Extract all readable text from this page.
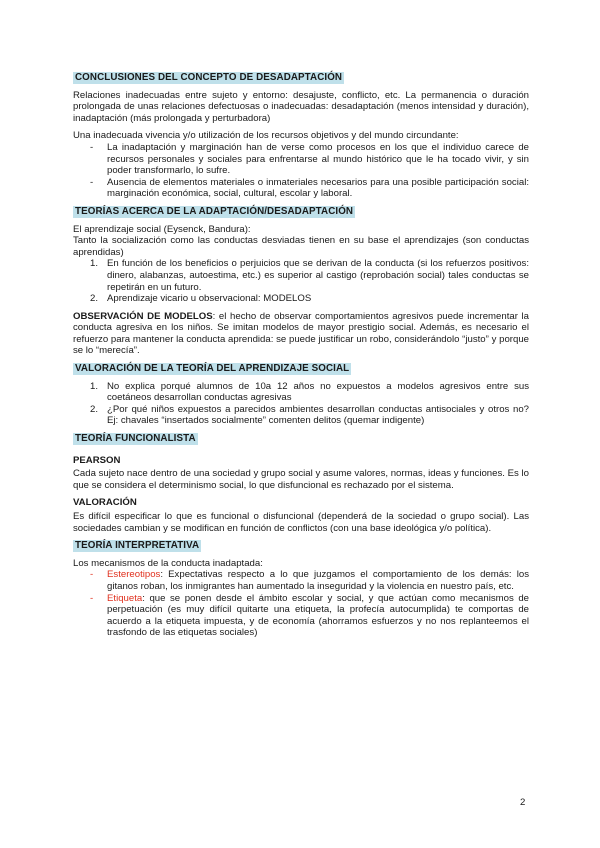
CONCLUSIONES DEL CONCEPTO DE DESADAPTACIÓN

Relaciones inadecuadas entre sujeto y entorno: desajuste, conflicto, etc. La permanencia o duración prolongada de unas relaciones defectuosas o inadecuadas: desadaptación (menos intensidad y duración), inadaptación (más prolongada y perturbadora)

Una inadecuada vivencia y/o utilización de los recursos objetivos y del mundo circundante:

- La inadaptación y marginación han de verse como procesos en los que el individuo carece de recursos personales y sociales para enfrentarse al mundo histórico que le ha tocado vivir, y sin poder transformarlo, lo sufre.
- Ausencia de elementos materiales o inmateriales necesarios para una posible participación social: marginación económica, social, cultural, escolar y laboral.
TEORÍAS ACERCA DE LA ADAPTACIÓN/DESADAPTACIÓN

El aprendizaje social (Eysenck, Bandura):

Tanto la socialización como las conductas desviadas tienen en su base el aprendizajes (son conductas aprendidas)

1. En función de los beneficios o perjuicios que se derivan de la conducta (si los refuerzos positivos: dinero, alabanzas, autoestima, etc.) es superior al castigo (reprobación social) tales conductas se repetirán en un futuro.
2. Aprendizaje vicario u observacional: MODELOS

OBSERVACIÓN DE MODELOS: el hecho de observar comportamientos agresivos puede incrementar la conducta agresiva en los niños. Se imitan modelos de mayor prestigio social. Además, es necesario el refuerzo para mantener la conducta aprendida: se puede justificar un robo, considerándolo “justo” y porque se lo “merecía”.

VALORACIÓN DE LA TEORÍA DEL APRENDIZAJE SOCIAL
1. No explica porqué alumnos de 10a 12 años no expuestos a modelos agresivos entre sus coetáneos desarrollan conductas agresivas
2. ¿Por qué niños expuestos a parecidos ambientes desarrollan conductas antisociales y otros no? Ej: chavales “insertados socialmente” comenten delitos (quemar indigente)
TEORÍA FUNCIONALISTA
PEARSON

Cada sujeto nace dentro de una sociedad y grupo social y asume valores, normas, ideas y funciones. Es lo que se considera el determinismo social, lo que disfuncional es rechazado por el sistema.

VALORACIÓN

Es difícil especificar lo que es funcional o disfuncional (dependerá de la sociedad o grupo social). Las sociedades cambian y se modifican en función de conflictos (con una base ideológica y/o política).

TEORÍA INTERPRETATIVA

Los mecanismos de la conducta inadaptada:

- Estereotipos: Expectativas respecto a lo que juzgamos el comportamiento de los demás: los gitanos roban, los inmigrantes han aumentado la inseguridad y la violencia en nuestro país, etc.
- Etiqueta: que se ponen desde el ámbito escolar y social, y que actúan como mecanismos de perpetuación (es muy difícil quitarte una etiqueta, la profecía autocumplida) te comportas de acuerdo a la etiqueta impuesta, y de economía (ahorramos esfuerzos y no nos replanteemos el trasfondo de las etiquetas sociales)
2
